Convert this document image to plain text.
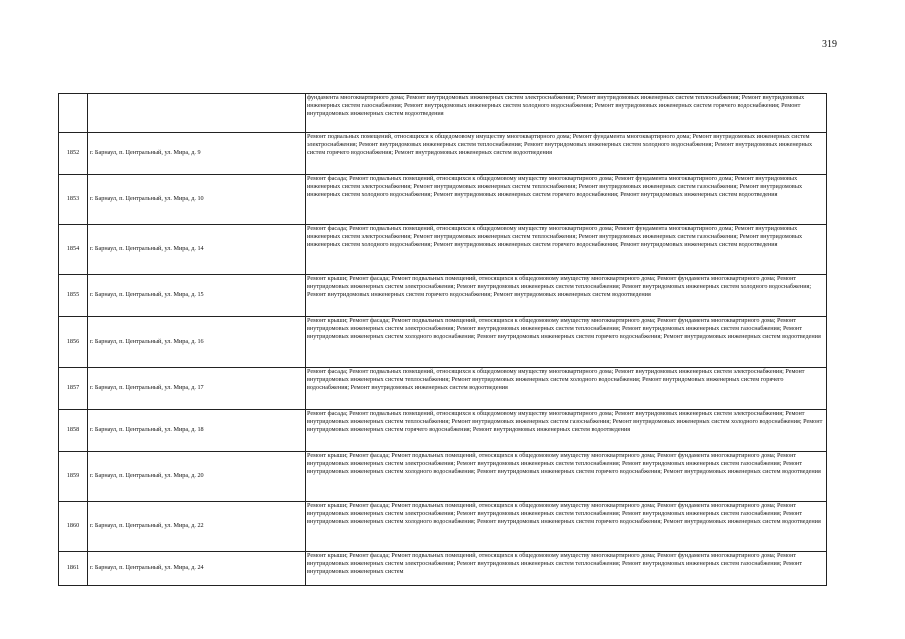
319

		фундамента многоквартирного дома; Ремонт внутридомовых инженерных систем электроснабжения; Ремонт внутридомовых инженерных систем теплоснабжения; Ремонт внутридомовых инженерных систем газоснабжения; Ремонт внутридомовых инженерных систем холодного водоснабжения; Ремонт внутридомовых инженерных систем горячего водоснабжения; Ремонт внутридомовых инженерных систем водоотведения

1852	г. Барнаул, п. Центральный, ул. Мира, д. 9	Ремонт подвальных помещений, относящихся к общедомовому имуществу многоквартирного дома; Ремонт фундамента многоквартирного дома; Ремонт внутридомовых инженерных систем электроснабжения; Ремонт внутридомовых инженерных систем теплоснабжения; Ремонт внутридомовых инженерных систем холодного водоснабжения; Ремонт внутридомовых инженерных систем горячего водоснабжения; Ремонт внутридомовых инженерных систем водоотведения

1853	г. Барнаул, п. Центральный, ул. Мира, д. 10	Ремонт фасада; Ремонт подвальных помещений, относящихся к общедомовому имуществу многоквартирного дома; Ремонт фундамента многоквартирного дома; Ремонт внутридомовых инженерных систем электроснабжения; Ремонт внутридомовых инженерных систем теплоснабжения; Ремонт внутридомовых инженерных систем газоснабжения; Ремонт внутридомовых инженерных систем холодного водоснабжения; Ремонт внутридомовых инженерных систем горячего водоснабжения; Ремонт внутридомовых инженерных систем водоотведения

1854	г. Барнаул, п. Центральный, ул. Мира, д. 14	Ремонт фасада; Ремонт подвальных помещений, относящихся к общедомовому имуществу многоквартирного дома; Ремонт фундамента многоквартирного дома; Ремонт внутридомовых инженерных систем электроснабжения; Ремонт внутридомовых инженерных систем теплоснабжения; Ремонт внутридомовых инженерных систем газоснабжения; Ремонт внутридомовых инженерных систем холодного водоснабжения; Ремонт внутридомовых инженерных систем горячего водоснабжения; Ремонт внутридомовых инженерных систем водоотведения

1855	г. Барнаул, п. Центральный, ул. Мира, д. 15	Ремонт крыши; Ремонт фасада; Ремонт подвальных помещений, относящихся к общедомовому имуществу многоквартирного дома; Ремонт фундамента многоквартирного дома; Ремонт внутридомовых инженерных систем электроснабжения; Ремонт внутридомовых инженерных систем теплоснабжения; Ремонт внутридомовых инженерных систем холодного водоснабжения; Ремонт внутридомовых инженерных систем горячего водоснабжения; Ремонт внутридомовых инженерных систем водоотведения

1856	г. Барнаул, п. Центральный, ул. Мира, д. 16	Ремонт крыши; Ремонт фасада; Ремонт подвальных помещений, относящихся к общедомовому имуществу многоквартирного дома; Ремонт фундамента многоквартирного дома; Ремонт внутридомовых инженерных систем электроснабжения; Ремонт внутридомовых инженерных систем теплоснабжения; Ремонт внутридомовых инженерных систем газоснабжения; Ремонт внутридомовых инженерных систем холодного водоснабжения; Ремонт внутридомовых инженерных систем горячего водоснабжения; Ремонт внутридомовых инженерных систем водоотведения

1857	г. Барнаул, п. Центральный, ул. Мира, д. 17	Ремонт фасада; Ремонт подвальных помещений, относящихся к общедомовому имуществу многоквартирного дома; Ремонт внутридомовых инженерных систем электроснабжения; Ремонт внутридомовых инженерных систем теплоснабжения; Ремонт внутридомовых инженерных систем холодного водоснабжения; Ремонт внутридомовых инженерных систем горячего водоснабжения; Ремонт внутридомовых инженерных систем водоотведения

1858	г. Барнаул, п. Центральный, ул. Мира, д. 18	Ремонт фасада; Ремонт подвальных помещений, относящихся к общедомовому имуществу многоквартирного дома; Ремонт внутридомовых инженерных систем электроснабжения; Ремонт внутридомовых инженерных систем теплоснабжения; Ремонт внутридомовых инженерных систем газоснабжения; Ремонт внутридомовых инженерных систем холодного водоснабжения; Ремонт внутридомовых инженерных систем горячего водоснабжения; Ремонт внутридомовых инженерных систем водоотведения

1859	г. Барнаул, п. Центральный, ул. Мира, д. 20	Ремонт крыши; Ремонт фасада; Ремонт подвальных помещений, относящихся к общедомовому имуществу многоквартирного дома; Ремонт фундамента многоквартирного дома; Ремонт внутридомовых инженерных систем электроснабжения; Ремонт внутридомовых инженерных систем теплоснабжения; Ремонт внутридомовых инженерных систем газоснабжения; Ремонт внутридомовых инженерных систем холодного водоснабжения; Ремонт внутридомовых инженерных систем горячего водоснабжения; Ремонт внутридомовых инженерных систем водоотведения

1860	г. Барнаул, п. Центральный, ул. Мира, д. 22	Ремонт крыши; Ремонт фасада; Ремонт подвальных помещений, относящихся к общедомовому имуществу многоквартирного дома; Ремонт фундамента многоквартирного дома; Ремонт внутридомовых инженерных систем электроснабжения; Ремонт внутридомовых инженерных систем теплоснабжения; Ремонт внутридомовых инженерных систем газоснабжения; Ремонт внутридомовых инженерных систем холодного водоснабжения; Ремонт внутридомовых инженерных систем горячего водоснабжения; Ремонт внутридомовых инженерных систем водоотведения

1861	г. Барнаул, п. Центральный, ул. Мира, д. 24	Ремонт крыши; Ремонт фасада; Ремонт подвальных помещений, относящихся к общедомовому имуществу многоквартирного дома; Ремонт фундамента многоквартирного дома; Ремонт внутридомовых инженерных систем электроснабжения; Ремонт внутридомовых инженерных систем теплоснабжения; Ремонт внутридомовых инженерных систем газоснабжения; Ремонт внутридомовых инженерных систем
